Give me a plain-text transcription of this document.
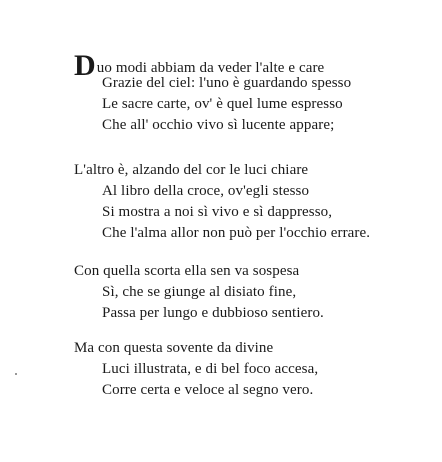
Duo modi abbiam da veder l'alte e care
Grazie del ciel: l'uno è guardando spesso
Le sacre carte, ov' è quel lume espresso
Che all' occhio vivo sì lucente appare;
L'altro è, alzando del cor le luci chiare
Al libro della croce, ov'egli stesso
Si mostra a noi sì vivo e sì dappresso,
Che l'alma allor non può per l'occhio errare.
Con quella scorta ella sen va sospesa
Sì, che se giunge al disiato fine,
Passa per lungo e dubbioso sentiero.
Ma con questa sovente da divine
Luci illustrata, e di bel foco accesa,
Corre certa e veloce al segno vero.
